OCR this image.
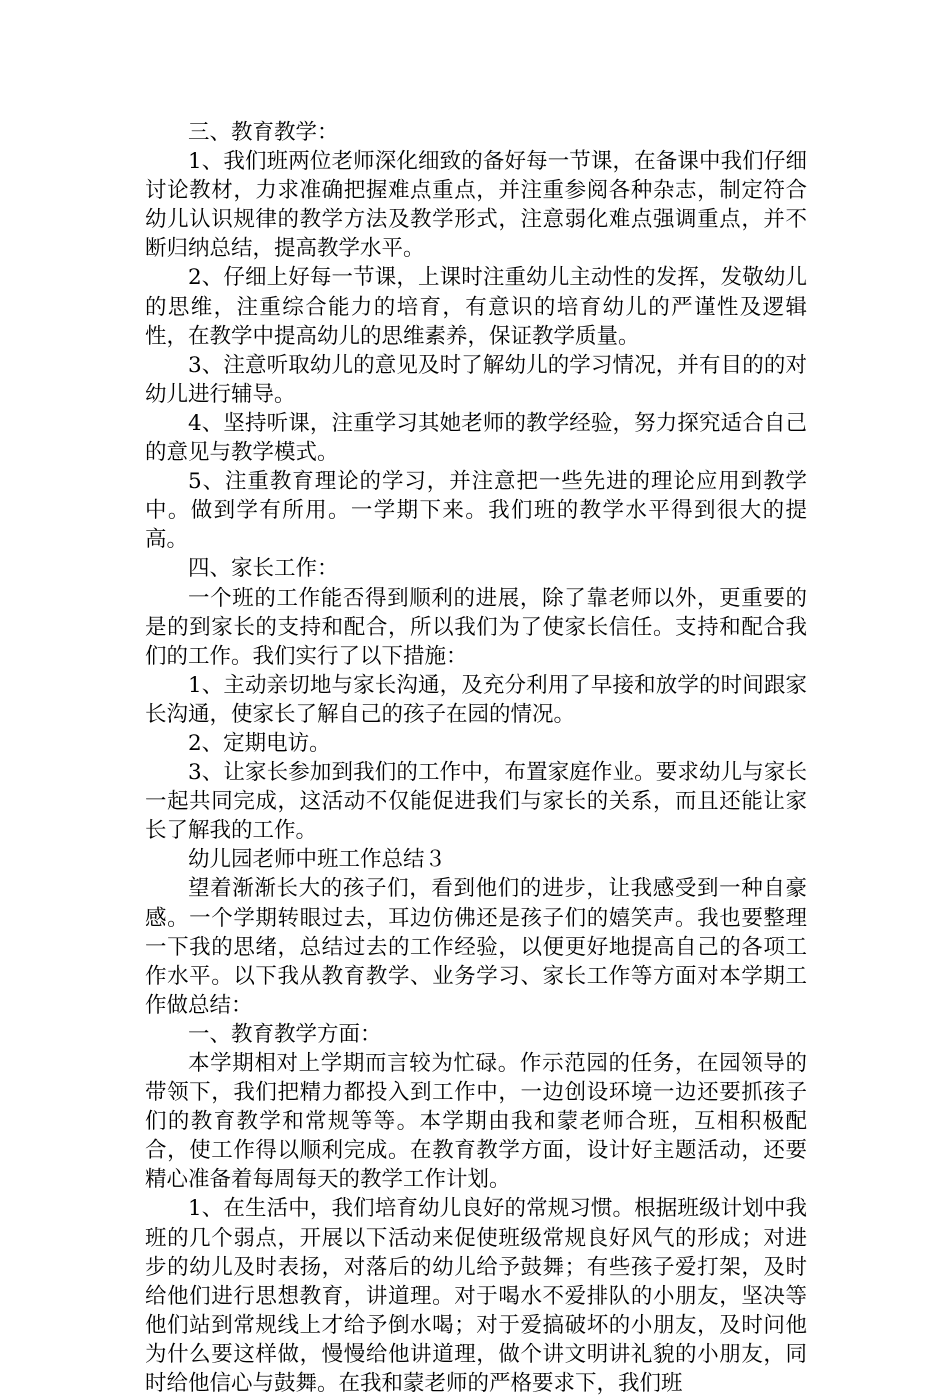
三、教育教学：

1、我们班两位老师深化细致的备好每一节课，在备课中我们仔细讨论教材，力求准确把握难点重点，并注重参阅各种杂志，制定符合幼儿认识规律的教学方法及教学形式，注意弱化难点强调重点，并不断归纳总结，提高教学水平。

2、仔细上好每一节课，上课时注重幼儿主动性的发挥，发敬幼儿的思维，注重综合能力的培育，有意识的培育幼儿的严谨性及逻辑性，在教学中提高幼儿的思维素养，保证教学质量。

3、注意听取幼儿的意见及时了解幼儿的学习情况，并有目的的对幼儿进行辅导。

4、坚持听课，注重学习其她老师的教学经验，努力探究适合自己的意见与教学模式。

5、注重教育理论的学习，并注意把一些先进的理论应用到教学中。做到学有所用。一学期下来。我们班的教学水平得到很大的提高。

四、家长工作：

一个班的工作能否得到顺利的进展，除了靠老师以外，更重要的是的到家长的支持和配合，所以我们为了使家长信任。支持和配合我们的工作。我们实行了以下措施：

1、主动亲切地与家长沟通，及充分利用了早接和放学的时间跟家长沟通，使家长了解自己的孩子在园的情况。

2、定期电访。

3、让家长参加到我们的工作中，布置家庭作业。要求幼儿与家长一起共同完成，这活动不仅能促进我们与家长的关系，而且还能让家长了解我的工作。

幼儿园老师中班工作总结３

望着渐渐长大的孩子们，看到他们的进步，让我感受到一种自豪感。一个学期转眼过去，耳边仿佛还是孩子们的嬉笑声。我也要整理一下我的思绪，总结过去的工作经验，以便更好地提高自己的各项工作水平。以下我从教育教学、业务学习、家长工作等方面对本学期工作做总结：

一、教育教学方面：

本学期相对上学期而言较为忙碌。作示范园的任务，在园领导的带领下，我们把精力都投入到工作中，一边创设环境一边还要抓孩子们的教育教学和常规等等。本学期由我和蒙老师合班，互相积极配合，使工作得以顺利完成。在教育教学方面，设计好主题活动，还要精心准备着每周每天的教学工作计划。

1、在生活中，我们培育幼儿良好的常规习惯。根据班级计划中我班的几个弱点，开展以下活动来促使班级常规良好风气的形成；对进步的幼儿及时表扬，对落后的幼儿给予鼓舞；有些孩子爱打架，及时给他们进行思想教育，讲道理。对于喝水不爱排队的小朋友，坚决等他们站到常规线上才给予倒水喝；对于爱搞破坏的小朋友，及时问他为什么要这样做，慢慢给他讲道理，做个讲文明讲礼貌的小朋友，同时给他信心与鼓舞。在我和蒙老师的严格要求下，我们班
